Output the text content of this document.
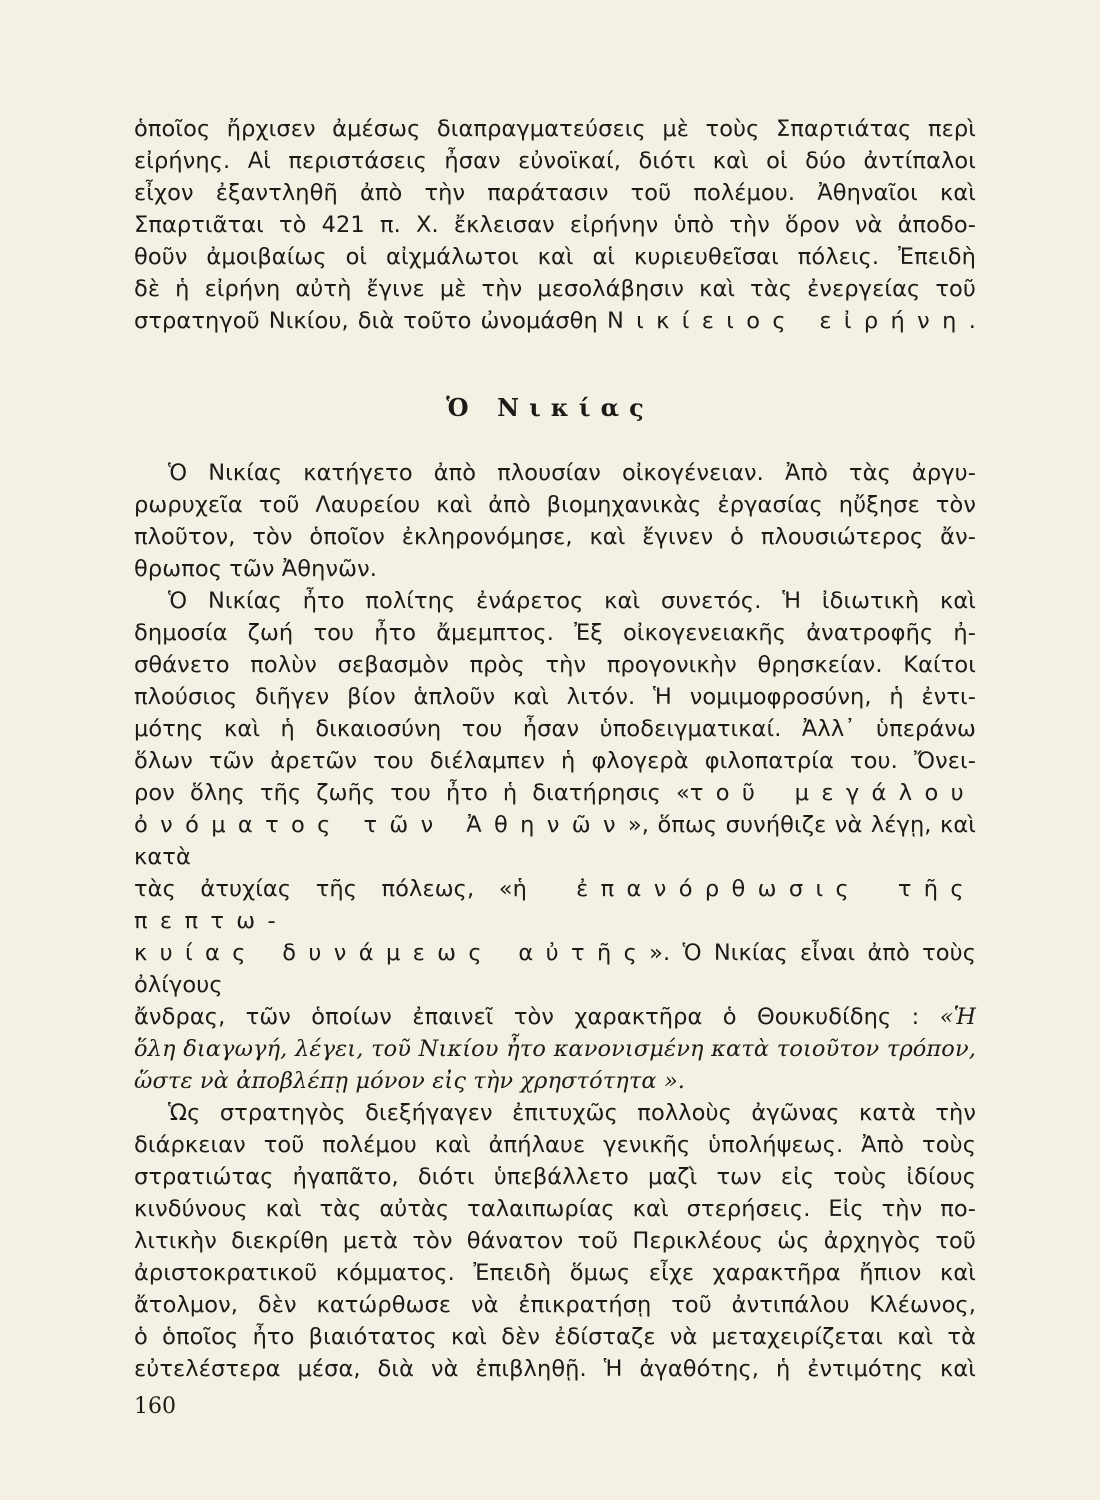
ὁποῖος ἤρχισεν ἀμέσως διαπραγματεύσεις μὲ τοὺς Σπαρτιάτας περὶ

εἰρήνης. Αἱ περιστάσεις ἦσαν εὐνοϊκαί, διότι καὶ οἱ δύο ἀντίπαλοι

εἶχον ἐξαντληθῆ ἀπὸ τὴν παράτασιν τοῦ πολέμου. Ἀθηναῖοι καὶ

Σπαρτιᾶται τὸ 421 π. Χ. ἔκλεισαν εἰρήνην ὑπὸ τὴν ὅρον νὰ ἀποδο-

θοῦν ἀμοιβαίως οἱ αἰχμάλωτοι καὶ αἱ κυριευθεῖσαι πόλεις. Ἐπειδὴ

δὲ ἡ εἰρήνη αὐτὴ ἔγινε μὲ τὴν μεσολάβησιν καὶ τὰς ἐνεργείας τοῦ

στρατηγοῦ Νικίου, διὰ τοῦτο ὠνομάσθη Νικίειος εἰρήνη.

Ὁ Νικίας

Ὁ Νικίας κατήγετο ἀπὸ πλουσίαν οἰκογένειαν. Ἀπὸ τὰς ἀργυ-

ρωρυχεῖα τοῦ Λαυρείου καὶ ἀπὸ βιομηχανικὰς ἐργασίας ηὔξησε τὸν

πλοῦτον, τὸν ὁποῖον ἐκληρονόμησε, καὶ ἔγινεν ὁ πλουσιώτερος ἄν-

θρωπος τῶν Ἀθηνῶν.

Ὁ Νικίας ἦτο πολίτης ἐνάρετος καὶ συνετός. Ἡ ἰδιωτικὴ καὶ

δημοσία ζωή του ἦτο ἄμεμπτος. Ἐξ οἰκογενειακῆς ἀνατροφῆς ἠ-

σθάνετο πολὺν σεβασμὸν πρὸς τὴν προγονικὴν θρησκείαν. Καίτοι

πλούσιος διῆγεν βίον ἁπλοῦν καὶ λιτόν. Ἡ νομιμοφροσύνη, ἡ ἐντι-

μότης καὶ ἡ δικαιοσύνη του ἦσαν ὑποδειγματικαί. Ἀλλ᾽ ὑπεράνω

ὅλων τῶν ἀρετῶν του διέλαμπεν ἡ φλογερὰ φιλοπατρία του. Ὄνει-

ρον ὅλης τῆς ζωῆς του ἦτο ἡ διατήρησις «τοῦ μεγάλου

ὀνόματος τῶν Ἀθηνῶν», ὅπως συνήθιζε νὰ λέγῃ, καὶ κατὰ

τὰς ἀτυχίας τῆς πόλεως, «ἡ ἐπανόρθωσις τῆς πεπτω-

κυίας δυνάμεως αὐτῆς». Ὁ Νικίας εἶναι ἀπὸ τοὺς ὀλίγους

ἄνδρας, τῶν ὁποίων ἐπαινεῖ τὸν χαρακτῆρα ὁ Θουκυδίδης : «Ἡ

ὅλη διαγωγή, λέγει, τοῦ Νικίου ἦτο κανονισμένη κατὰ τοιοῦτον τρόπον,

ὥστε νὰ ἀποβλέπῃ μόνον εἰς τὴν χρηστότητα ».

Ὡς στρατηγὸς διεξήγαγεν ἐπιτυχῶς πολλοὺς ἀγῶνας κατὰ τὴν

διάρκειαν τοῦ πολέμου καὶ ἀπήλαυε γενικῆς ὑπολήψεως. Ἀπὸ τοὺς

στρατιώτας ἠγαπᾶτο, διότι ὑπεβάλλετο μαζὶ των εἰς τοὺς ἰδίους

κινδύνους καὶ τὰς αὐτὰς ταλαιπωρίας καὶ στερήσεις. Εἰς τὴν πο-

λιτικὴν διεκρίθη μετὰ τὸν θάνατον τοῦ Περικλέους ὡς ἀρχηγὸς τοῦ

ἀριστοκρατικοῦ κόμματος. Ἐπειδὴ ὅμως εἶχε χαρακτῆρα ἤπιον καὶ

ἄτολμον, δὲν κατώρθωσε νὰ ἐπικρατήσῃ τοῦ ἀντιπάλου Κλέωνος,

ὁ ὁποῖος ἦτο βιαιότατος καὶ δὲν ἐδίσταζε νὰ μεταχειρίζεται καὶ τὰ

εὐτελέστερα μέσα, διὰ νὰ ἐπιβληθῇ. Ἡ ἀγαθότης, ἡ ἐντιμότης καὶ

160
